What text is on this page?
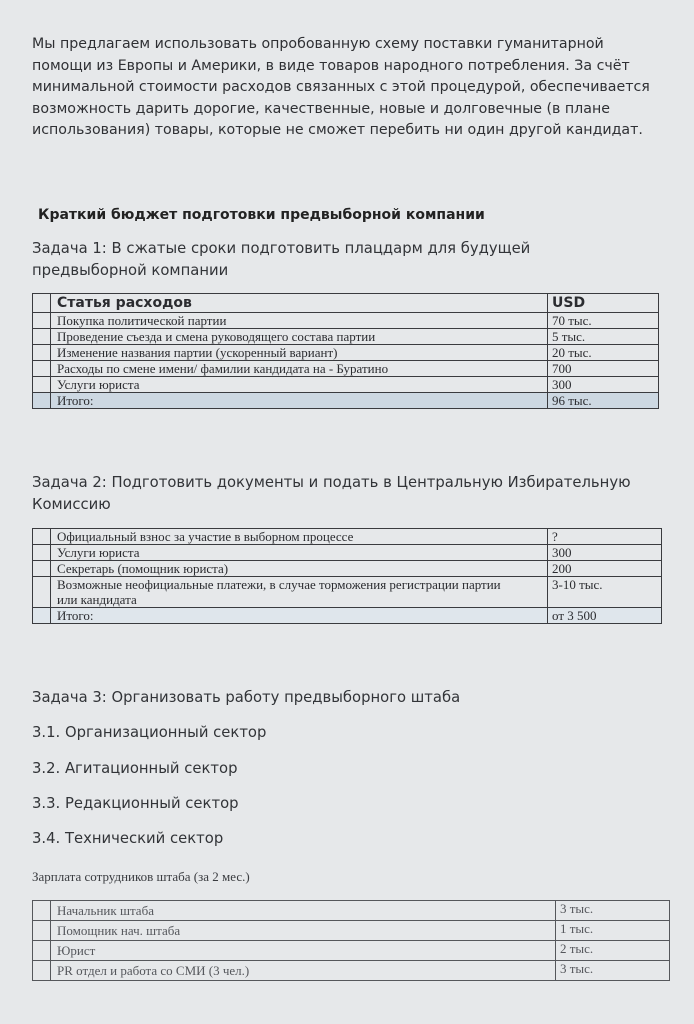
Мы предлагаем использовать опробованную схему поставки гуманитарной помощи из Европы и Америки, в виде товаров народного потребления. За счёт минимальной стоимости расходов связанных с этой процедурой, обеспечивается возможность дарить дорогие, качественные, новые и долговечные (в плане использования) товары, которые не сможет перебить ни один другой кандидат.
Краткий бюджет подготовки предвыборной компании
Задача 1: В сжатые сроки подготовить плацдарм для будущей предвыборной компании
	Статья расходов	USD
	Покупка политической партии	70 тыс.
	Проведение съезда и смена руководящего состава партии	5 тыс.
	Изменение названия партии (ускоренный вариант)	20 тыс.
	Расходы по смене имени/ фамилии кандидата на - Буратино	700
	Услуги юриста	300
	Итого:	96 тыс.
Задача 2: Подготовить документы и подать в Центральную Избирательную Комиссию
	Официальный взнос за участие в выборном процессе	?
	Услуги юриста	300
	Секретарь (помощник юриста)	200
	Возможные неофициальные платежи, в случае торможения регистрации партии или кандидата	3-10 тыс.
	Итого:	от 3 500
Задача 3: Организовать работу предвыборного штаба
3.1. Организационный сектор
3.2. Агитационный сектор
3.3. Редакционный сектор
3.4. Технический сектор
Зарплата сотрудников штаба (за 2 мес.)
	Начальник штаба	3 тыс.
	Помощник нач. штаба	1 тыс.
	Юрист	2 тыс.
	PR отдел и работа со СМИ (3 чел.)	3 тыс.
